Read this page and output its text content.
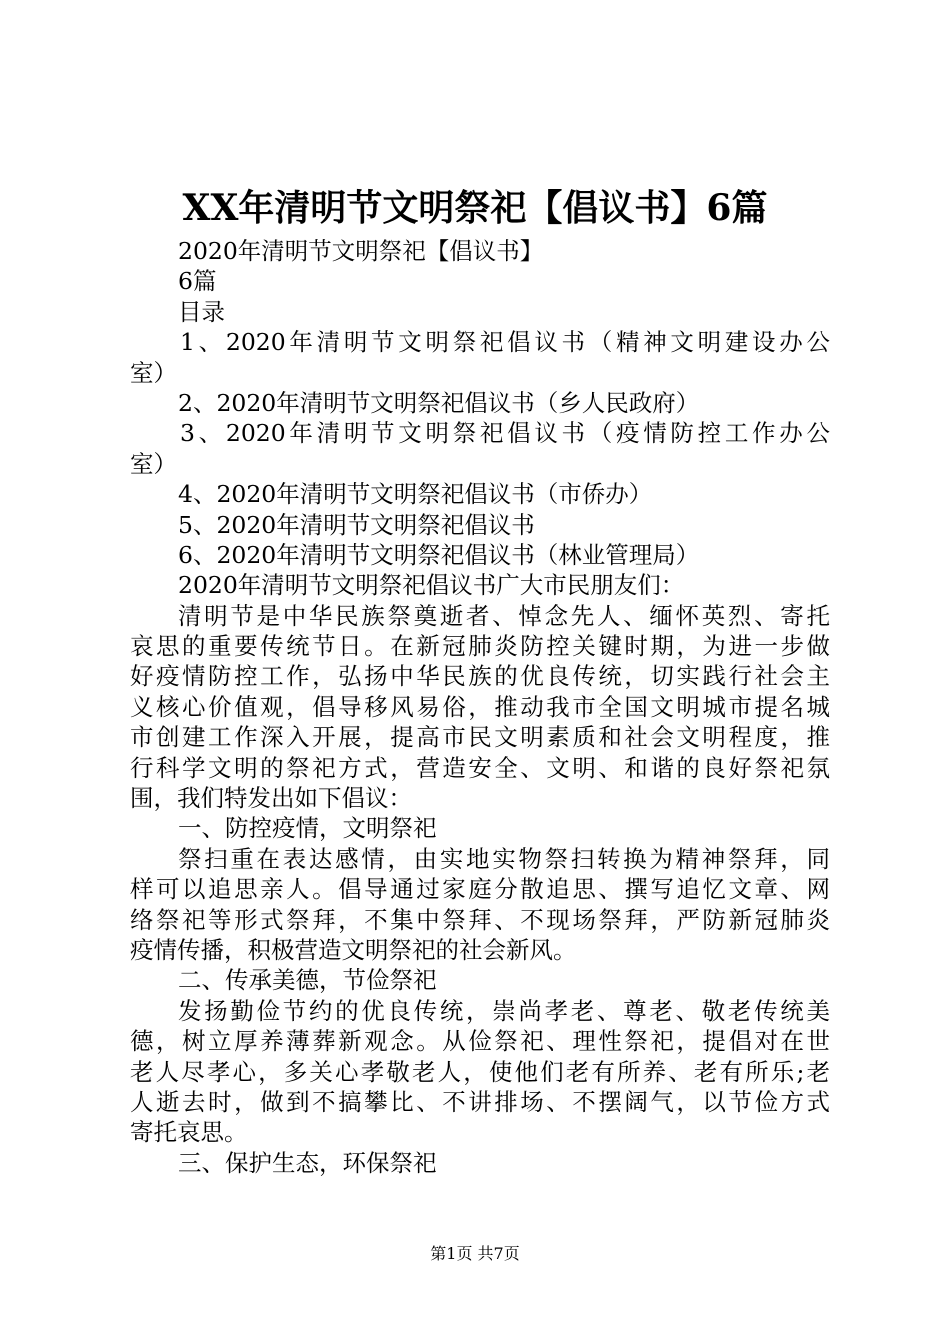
XX年清明节文明祭祀【倡议书】6篇
2020年清明节文明祭祀【倡议书】
6篇
目录
1、2020年清明节文明祭祀倡议书（精神文明建设办公
室）
2、2020年清明节文明祭祀倡议书（乡人民政府）
3、2020年清明节文明祭祀倡议书（疫情防控工作办公
室）
4、2020年清明节文明祭祀倡议书（市侨办）
5、2020年清明节文明祭祀倡议书
6、2020年清明节文明祭祀倡议书（林业管理局）
2020年清明节文明祭祀倡议书广大市民朋友们：
清明节是中华民族祭奠逝者、悼念先人、缅怀英烈、寄托
哀思的重要传统节日。在新冠肺炎防控关键时期，为进一步做
好疫情防控工作，弘扬中华民族的优良传统，切实践行社会主
义核心价值观，倡导移风易俗，推动我市全国文明城市提名城
市创建工作深入开展，提高市民文明素质和社会文明程度，推
行科学文明的祭祀方式，营造安全、文明、和谐的良好祭祀氛
围，我们特发出如下倡议：
一、防控疫情，文明祭祀
祭扫重在表达感情，由实地实物祭扫转换为精神祭拜，同
样可以追思亲人。倡导通过家庭分散追思、撰写追忆文章、网
络祭祀等形式祭拜，不集中祭拜、不现场祭拜，严防新冠肺炎
疫情传播，积极营造文明祭祀的社会新风。
二、传承美德，节俭祭祀
发扬勤俭节约的优良传统，崇尚孝老、尊老、敬老传统美
德，树立厚养薄葬新观念。从俭祭祀、理性祭祀，提倡对在世
老人尽孝心，多关心孝敬老人，使他们老有所养、老有所乐;老
人逝去时，做到不搞攀比、不讲排场、不摆阔气，以节俭方式
寄托哀思。
三、保护生态，环保祭祀
第1页 共7页
